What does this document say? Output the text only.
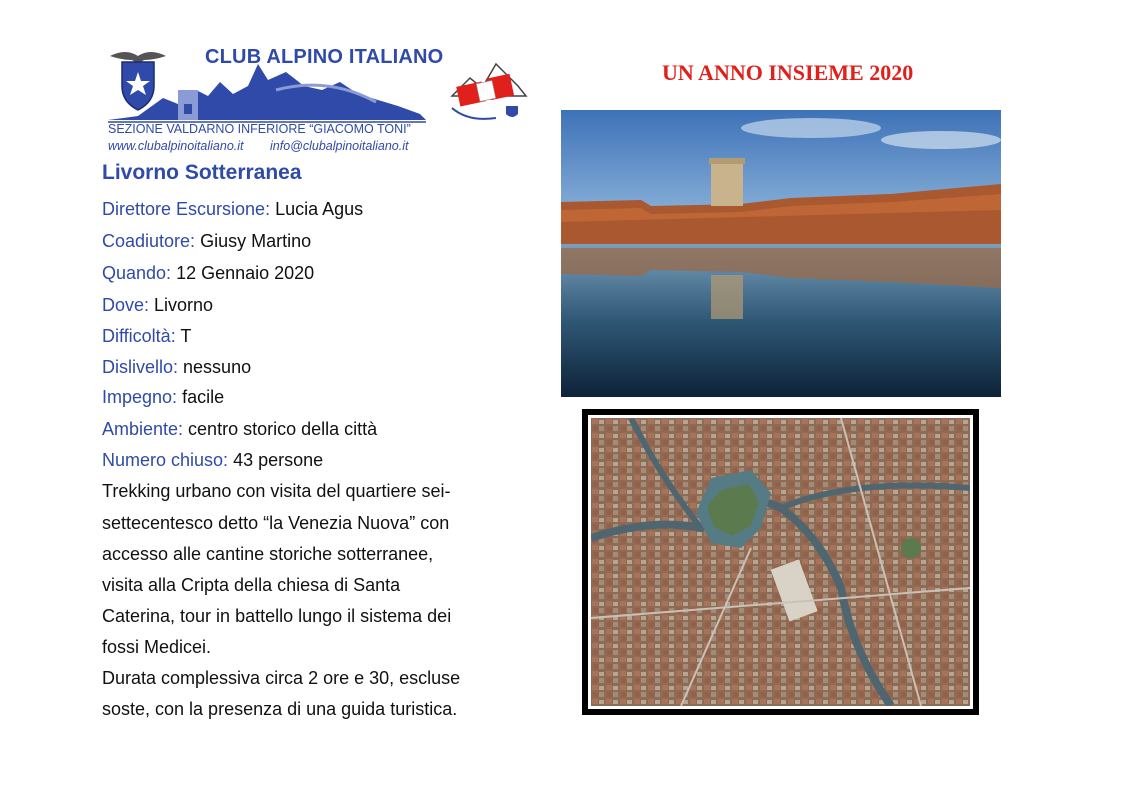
CLUB ALPINO ITALIANO
SEZIONE VALDARNO INFERIORE “GIACOMO TONI”
www.clubalpinoitaliano.it info@clubalpinoitaliano.it
UN ANNO INSIEME 2020
Livorno Sotterranea
Direttore Escursione: Lucia Agus
Coadiutore: Giusy Martino
Quando: 12 Gennaio 2020
Dove: Livorno
Difficoltà: T
Dislivello: nessuno
Impegno: facile
Ambiente: centro storico della città
Numero chiuso: 43 persone
Trekking urbano con visita del quartiere sei-
settecentesco detto “la Venezia Nuova” con
accesso alle cantine storiche sotterranee,
visita alla Cripta della chiesa di Santa
Caterina, tour in battello lungo il sistema dei
fossi Medicei.
Durata complessiva circa 2 ore e 30, escluse
soste, con la presenza di una guida turistica.
